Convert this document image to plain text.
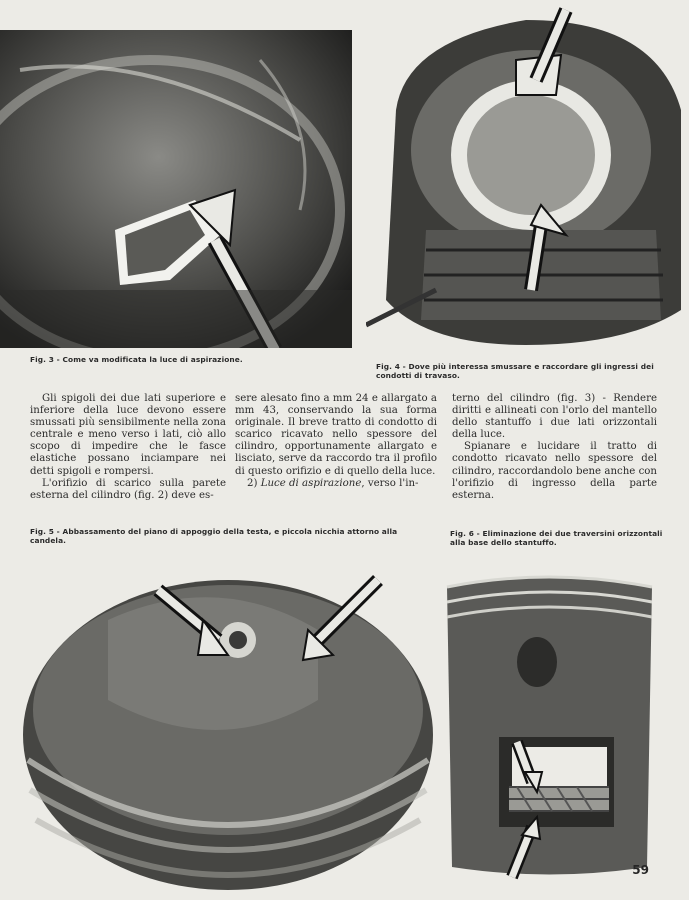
Fig. 3 - Come va modificata la luce di aspirazione.
Fig. 4 - Dove più interessa smussare e raccordare gli ingressi dei condotti di travaso.

Gli spigoli dei due lati superiore e inferiore della luce devono essere smussati più sensibilmente nella zona centrale e meno verso i lati, ciò allo scopo di impedire che le fasce elastiche possano inciampare nei detti spigoli e rompersi.

L'orifizio di scarico sulla parete esterna del cilindro (fig. 2) deve es-

sere alesato fino a mm 24 e allargato a mm 43, conservando la sua forma originale. Il breve tratto di condotto di scarico ricavato nello spessore del cilindro, opportunamente allargato e lisciato, serve da raccordo tra il profilo di questo orifizio e di quello della luce.

2) Luce di aspirazione, verso l'in-

terno del cilindro (fig. 3) - Rendere diritti e allineati con l'orlo del mantello dello stantuffo i due lati orizzontali della luce.

Spianare e lucidare il tratto di condotto ricavato nello spessore del cilindro, raccordandolo bene anche con l'orifizio di ingresso della parte esterna.

Fig. 5 - Abbassamento del piano di appoggio della testa, e piccola nicchia attorno alla candela.
Fig. 6 - Eliminazione dei due traversini orizzontali alla base dello stantuffo.
59
